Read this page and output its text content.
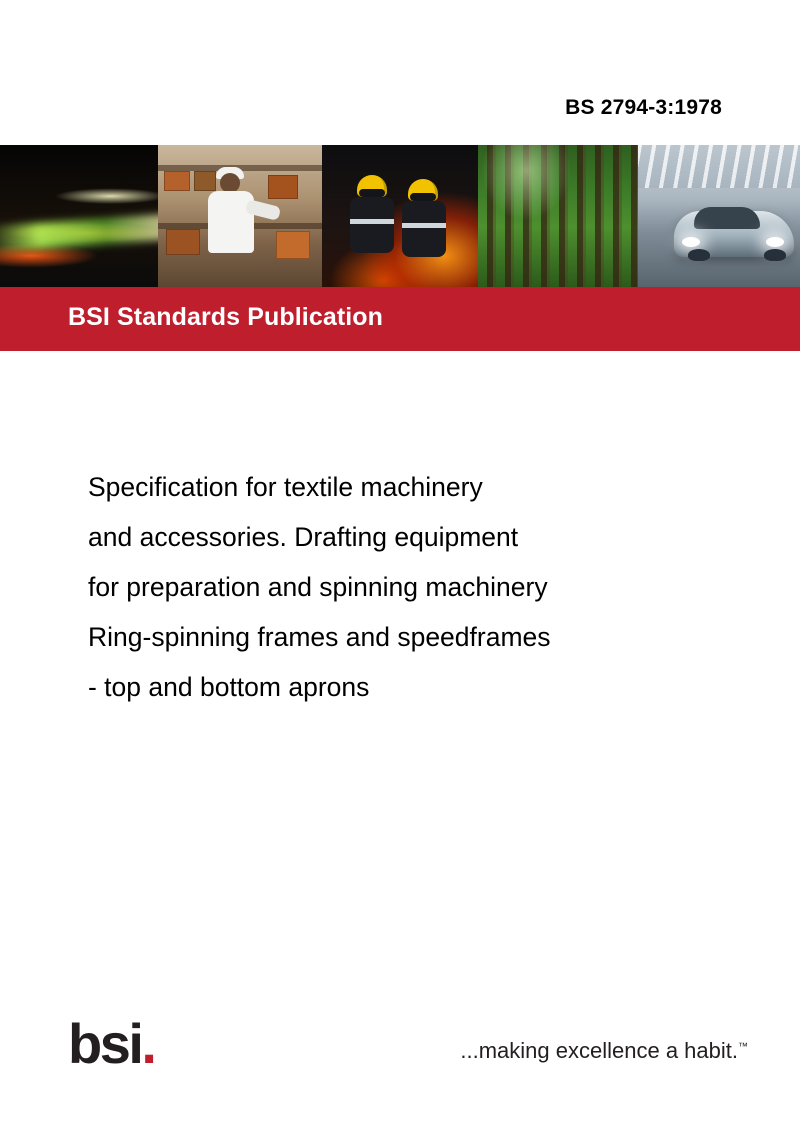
BS 2794-3:1978
BSI Standards Publication
Specification for textile machinery
and accessories. Drafting equipment
for preparation and spinning machinery
Ring-spinning frames and speedframes
- top and bottom aprons
bsi.	...making excellence a habit.™
